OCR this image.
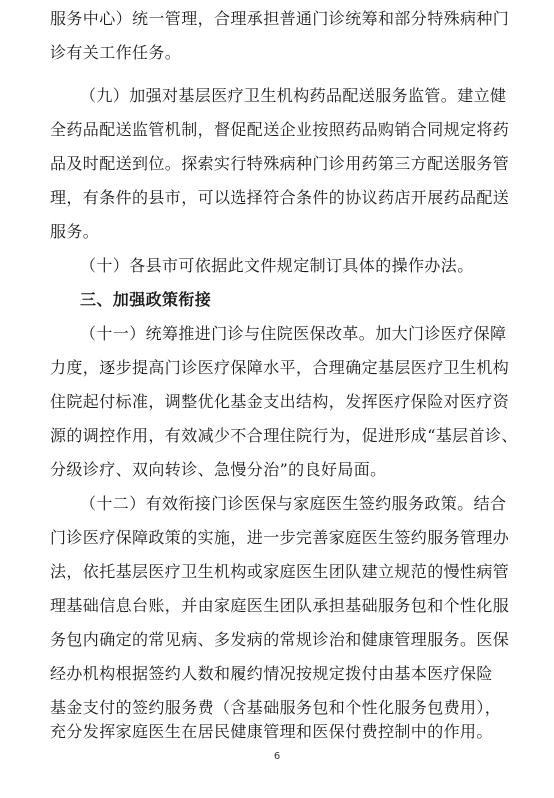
服务中心）统一管理，合理承担普通门诊统筹和部分特殊病种门
诊有关工作任务。
（九）加强对基层医疗卫生机构药品配送服务监管。建立健
全药品配送监管机制，督促配送企业按照药品购销合同规定将药
品及时配送到位。探索实行特殊病种门诊用药第三方配送服务管
理，有条件的县市，可以选择符合条件的协议药店开展药品配送
服务。
（十）各县市可依据此文件规定制订具体的操作办法。
三、加强政策衔接
（十一）统筹推进门诊与住院医保改革。加大门诊医疗保障
力度，逐步提高门诊医疗保障水平，合理确定基层医疗卫生机构
住院起付标准，调整优化基金支出结构，发挥医疗保险对医疗资
源的调控作用，有效减少不合理住院行为，促进形成“基层首诊、
分级诊疗、双向转诊、急慢分治”的良好局面。
（十二）有效衔接门诊医保与家庭医生签约服务政策。结合
门诊医疗保障政策的实施，进一步完善家庭医生签约服务管理办
法，依托基层医疗卫生机构或家庭医生团队建立规范的慢性病管
理基础信息台账，并由家庭医生团队承担基础服务包和个性化服
务包内确定的常见病、多发病的常规诊治和健康管理服务。医保
经办机构根据签约人数和履约情况按规定拨付由基本医疗保险
基金支付的签约服务费（含基础服务包和个性化服务包费用），
充分发挥家庭医生在居民健康管理和医保付费控制中的作用。
6
